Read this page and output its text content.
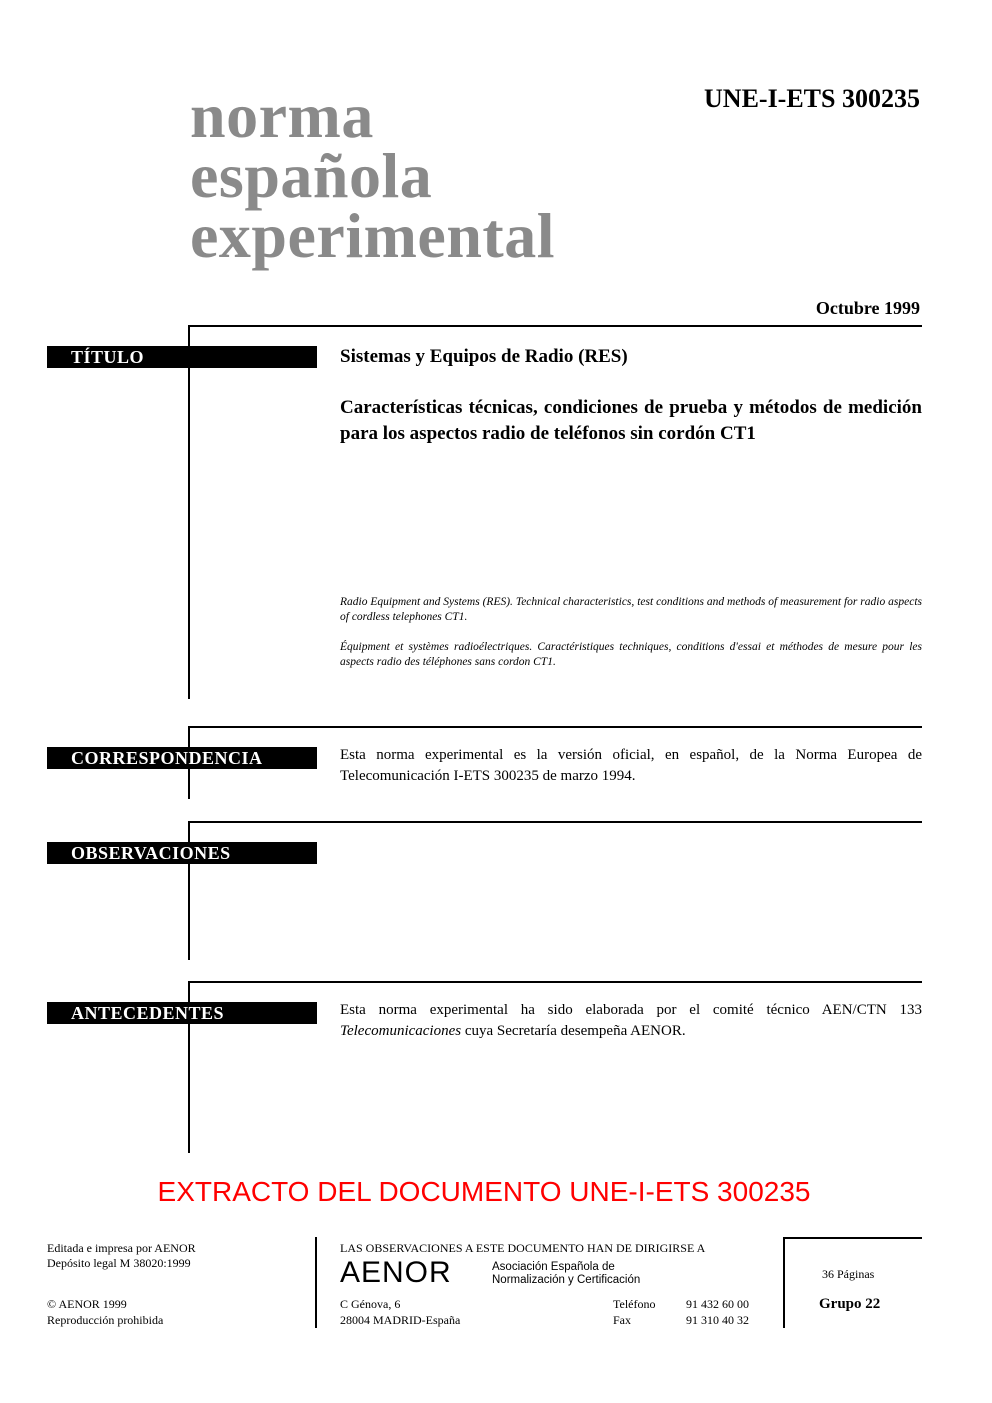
norma
española
experimental
UNE-I-ETS 300235
Octubre 1999
TÍTULO	Sistemas y Equipos de Radio (RES)
Características técnicas, condiciones de prueba y métodos de medición para los aspectos radio de teléfonos sin cordón CT1
Radio Equipment and Systems (RES). Technical characteristics, test conditions and methods of measurement for radio aspects of cordless telephones CT1.
Équipment et systèmes radioélectriques. Caractéristiques techniques, conditions d'essai et méthodes de mesure pour les aspects radio des téléphones sans cordon CT1.
CORRESPONDENCIA	Esta norma experimental es la versión oficial, en español, de la Norma Europea de Telecomunicación I-ETS 300235 de marzo 1994.
OBSERVACIONES
ANTECEDENTES	Esta norma experimental ha sido elaborada por el comité técnico AEN/CTN 133 Telecomunicaciones cuya Secretaría desempeña AENOR.
EXTRACTO DEL DOCUMENTO UNE-I-ETS 300235
Editada e impresa por AENOR
Depósito legal M 38020:1999
© AENOR 1999
Reproducción prohibida
LAS OBSERVACIONES A ESTE DOCUMENTO HAN DE DIRIGIRSE A
AENOR	Asociación Española de
Normalización y Certificación
C Génova, 6
28004 MADRID-España
Teléfono	91 432 60 00
Fax	91 310 40 32
36 Páginas
Grupo 22
